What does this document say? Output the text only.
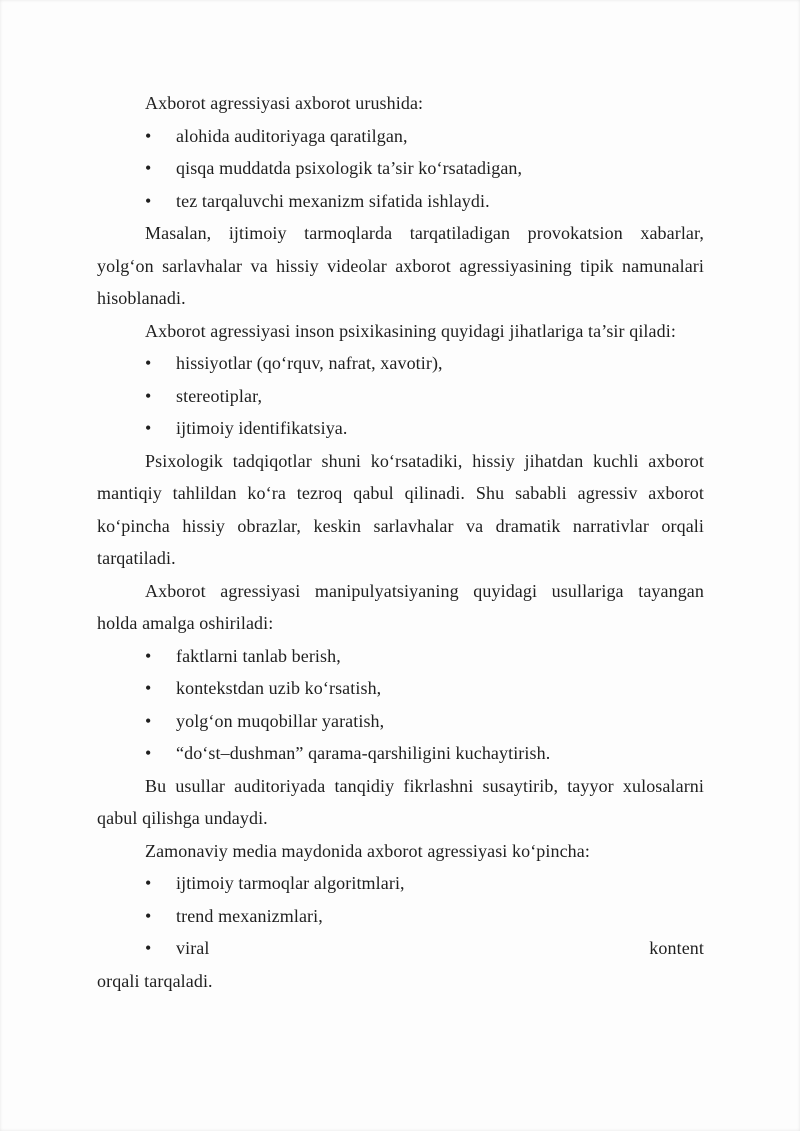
Axborot agressiyasi axborot urushida:
• alohida auditoriyaga qaratilgan,
• qisqa muddatda psixologik ta’sir koʻrsatadigan,
• tez tarqaluvchi mexanizm sifatida ishlaydi.
Masalan, ijtimoiy tarmoqlarda tarqatiladigan provokatsion xabarlar,
yolgʻon sarlavhalar va hissiy videolar axborot agressiyasining tipik namunalari
hisoblanadi.
Axborot agressiyasi inson psixikasining quyidagi jihatlariga ta’sir qiladi:
• hissiyotlar (qoʻrquv, nafrat, xavotir),
• stereotiplar,
• ijtimoiy identifikatsiya.
Psixologik tadqiqotlar shuni koʻrsatadiki, hissiy jihatdan kuchli axborot
mantiqiy tahlildan koʻra tezroq qabul qilinadi. Shu sababli agressiv axborot
koʻpincha hissiy obrazlar, keskin sarlavhalar va dramatik narrativlar orqali
tarqatiladi.
Axborot agressiyasi manipulyatsiyaning quyidagi usullariga tayangan
holda amalga oshiriladi:
• faktlarni tanlab berish,
• kontekstdan uzib koʻrsatish,
• yolgʻon muqobillar yaratish,
• “doʻst–dushman” qarama-qarshiligini kuchaytirish.
Bu usullar auditoriyada tanqidiy fikrlashni susaytirib, tayyor xulosalarni
qabul qilishga undaydi.
Zamonaviy media maydonida axborot agressiyasi koʻpincha:
• ijtimoiy tarmoqlar algoritmlari,
• trend mexanizmlari,
• viral	kontent
orqali tarqaladi.
